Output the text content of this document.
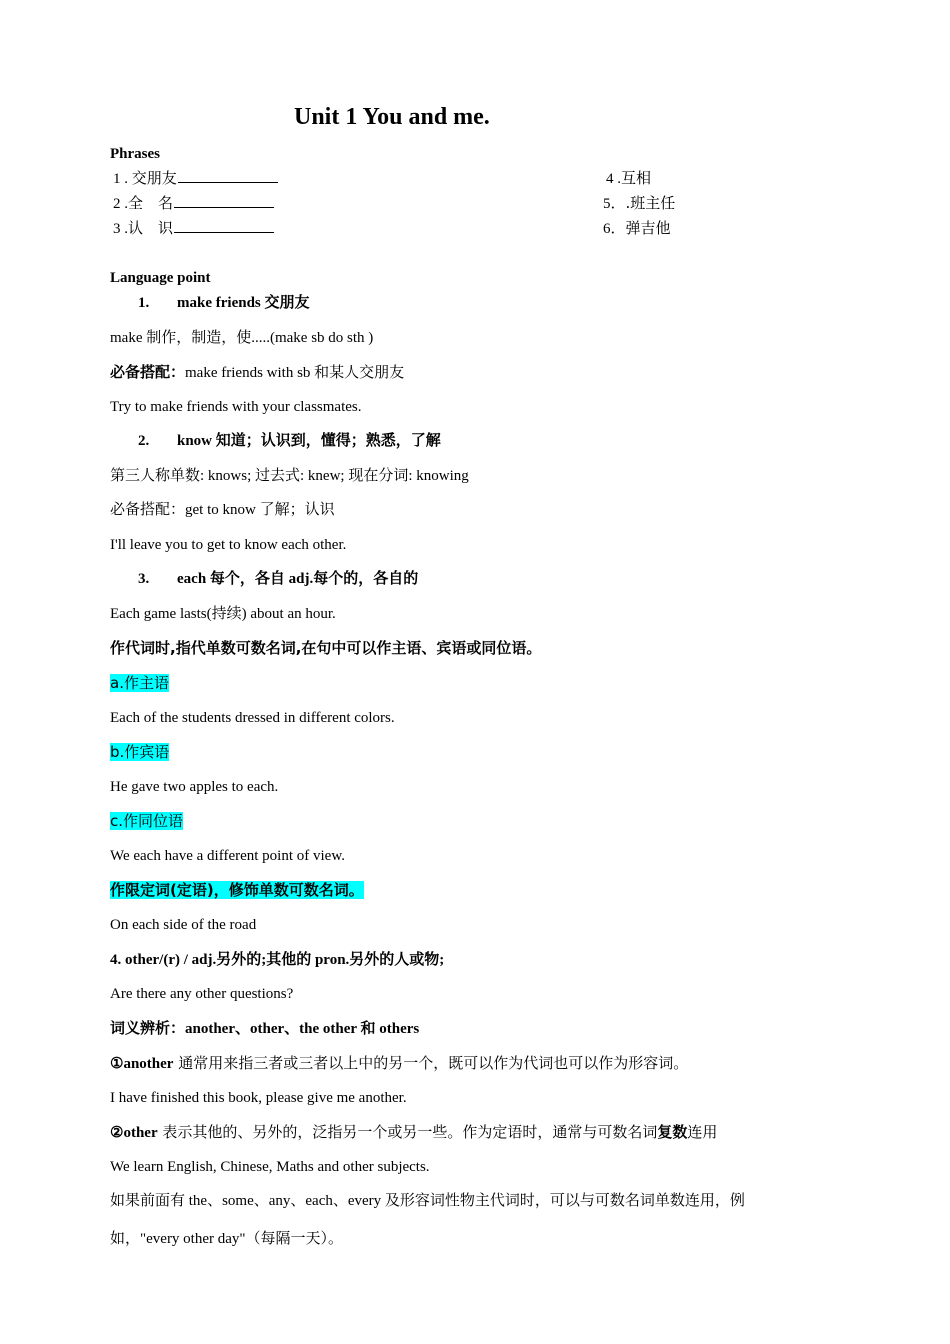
Unit 1 You and me.
Phrases
1 . 交朋友
2 .全　名
3 .认　识
4 .互相
5．.班主任
6．弹吉他
Language point
1. make friends 交朋友
make 制作，制造，使.....(make sb do sth )
必备搭配：make friends with sb 和某人交朋友
Try to make friends with your classmates.
2. know 知道；认识到，懂得；熟悉，了解
第三人称单数: knows; 过去式: knew; 现在分词: knowing
必备搭配：get to know 了解；认识
I'll leave you to get to know each other.
3. each 每个，各自 adj.每个的，各自的
Each game lasts(持续) about an hour.
作代词时,指代单数可数名词,在句中可以作主语、宾语或同位语。
a.作主语
Each of the students dressed in different colors.
b.作宾语
He gave two apples to each.
c.作同位语
We each have a different point of view.
作限定词(定语)，修饰单数可数名词。
On each side of the road
4. other/(r) / adj.另外的;其他的 pron.另外的人或物;
Are there any other questions?
词义辨析：another、other、the other 和 others
①another 通常用来指三者或三者以上中的另一个，既可以作为代词也可以作为形容词。
I have finished this book, please give me another.
②other 表示其他的、另外的，泛指另一个或另一些。作为定语时，通常与可数名词复数连用
We learn English, Chinese, Maths and other subjects.
如果前面有 the、some、any、each、every 及形容词性物主代词时，可以与可数名词单数连用，例
如，"every other day"（每隔一天）。
